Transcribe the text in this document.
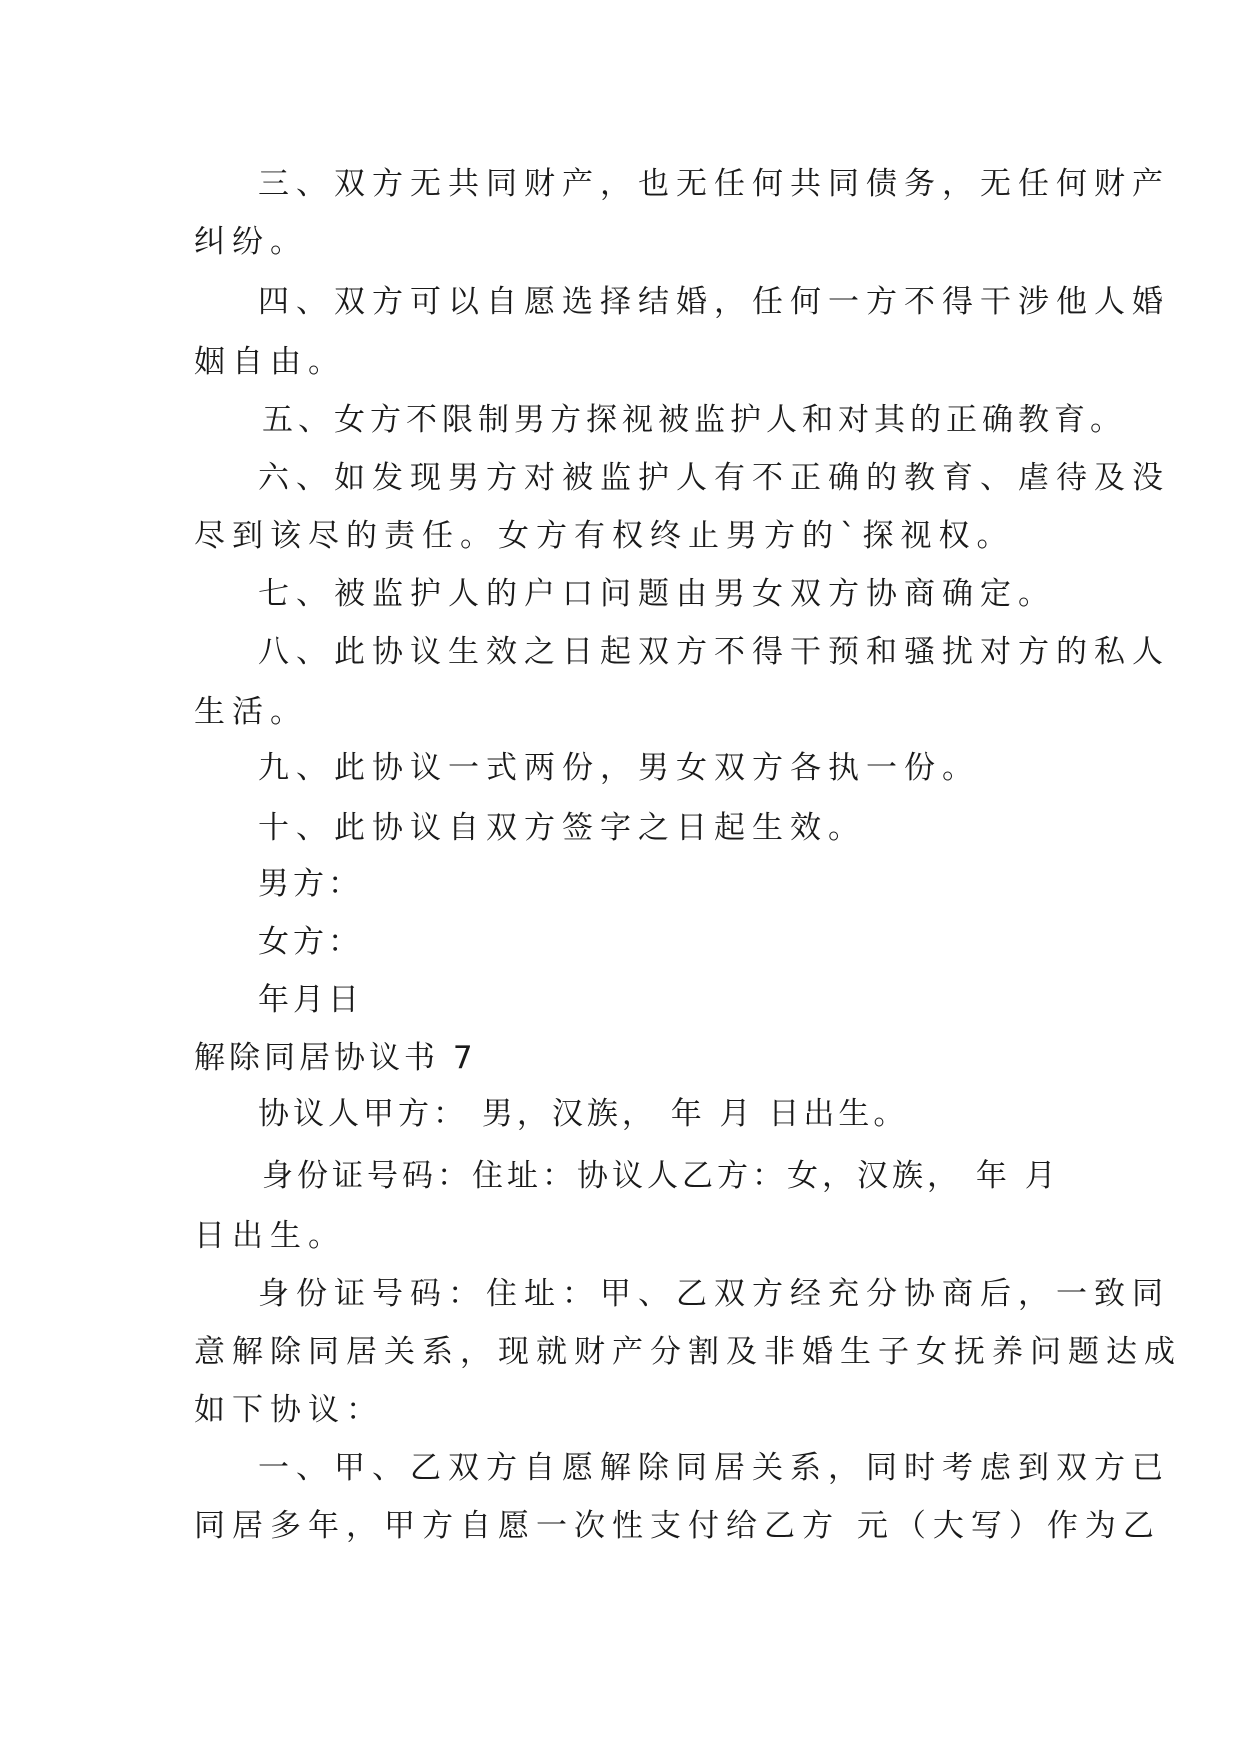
三、双方无共同财产，也无任何共同债务，无任何财产

纠纷。

四、双方可以自愿选择结婚，任何一方不得干涉他人婚

姻自由。

五、女方不限制男方探视被监护人和对其的正确教育。

六、如发现男方对被监护人有不正确的教育、虐待及没

尽到该尽的责任。女方有权终止男方的`探视权。

七、被监护人的户口问题由男女双方协商确定。

八、此协议生效之日起双方不得干预和骚扰对方的私人

生活。

九、此协议一式两份，男女双方各执一份。

十、此协议自双方签字之日起生效。

男方：

女方：

年月日

解除同居协议书 7

协议人甲方： 男，汉族， 年 月 日出生。

身份证号码：住址：协议人乙方：女，汉族， 年 月

日出生。

身份证号码：住址：甲、乙双方经充分协商后，一致同

意解除同居关系，现就财产分割及非婚生子女抚养问题达成

如下协议：

一、甲、乙双方自愿解除同居关系，同时考虑到双方已

同居多年，甲方自愿一次性支付给乙方 元（大写）作为乙
